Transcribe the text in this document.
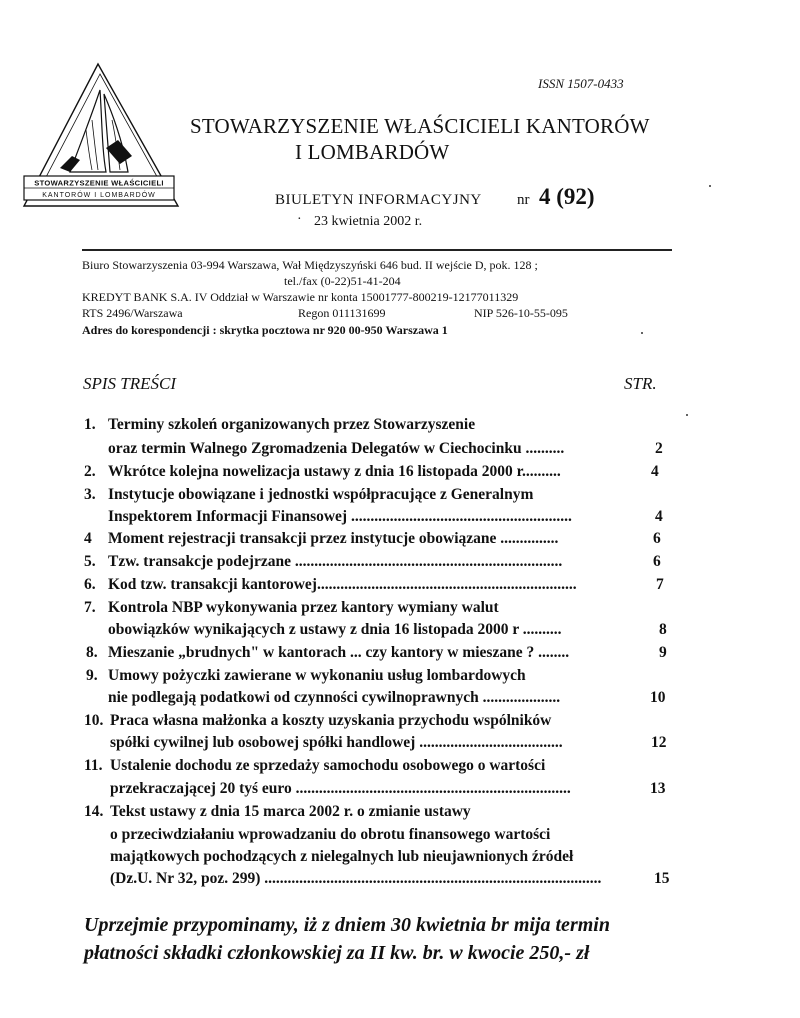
STOWARZYSZENIE WŁAŚCICIELI
KANTORÓW I LOMBARDÓW
ISSN 1507-0433
STOWARZYSZENIE WŁAŚCICIELI KANTORÓW
I LOMBARDÓW
BIULETYN INFORMACYJNY nr 4 (92)
· 23 kwietnia 2002 r.
Biuro Stowarzyszenia 03-994 Warszawa, Wał Międzyszyński 646 bud. II wejście D, pok. 128 ;
tel./fax (0-22)51-41-204
KREDYT BANK S.A. IV Oddział w Warszawie nr konta 15001777-800219-12177011329
RTS 2496/Warszawa	Regon 011131699	NIP 526-10-55-095
Adres do korespondencji : skrytka pocztowa nr 920 00-950 Warszawa 1
SPIS TREŚCI	STR.
1. Terminy szkoleń organizowanych przez Stowarzyszenie
oraz termin Walnego Zgromadzenia Delegatów w Ciechocinku ..........	2
2. Wkrótce kolejna nowelizacja ustawy z dnia 16 listopada 2000 r..........	4
3. Instytucje obowiązane i jednostki współpracujące z Generalnym
Inspektorem Informacji Finansowej .........................................................	4
4 Moment rejestracji transakcji przez instytucje obowiązane ...............	6
5. Tzw. transakcje podejrzane .....................................................................	6
6. Kod tzw. transakcji kantorowej...................................................................	7
7. Kontrola NBP wykonywania przez kantory wymiany walut
obowiązków wynikających z ustawy z dnia 16 listopada 2000 r ..........	8
8. Mieszanie „brudnych" w kantorach ... czy kantory w mieszane ? ........	9
9. Umowy pożyczki zawierane w wykonaniu usług lombardowych
nie podlegają podatkowi od czynności cywilnoprawnych ....................	10
10. Praca własna małżonka a koszty uzyskania przychodu wspólników
spółki cywilnej lub osobowej spółki handlowej .....................................	12
11. Ustalenie dochodu ze sprzedaży samochodu osobowego o wartości
przekraczającej 20 tyś euro .......................................................................	13
14. Tekst ustawy z dnia 15 marca 2002 r. o zmianie ustawy
o przeciwdziałaniu wprowadzaniu do obrotu finansowego wartości
majątkowych pochodzących z nielegalnych lub nieujawnionych źródeł
(Dz.U. Nr 32, poz. 299) .......................................................................................	15
Uprzejmie przypominamy, iż z dniem 30 kwietnia br mija termin
płatności składki członkowskiej za II kw. br. w kwocie 250,- zł
